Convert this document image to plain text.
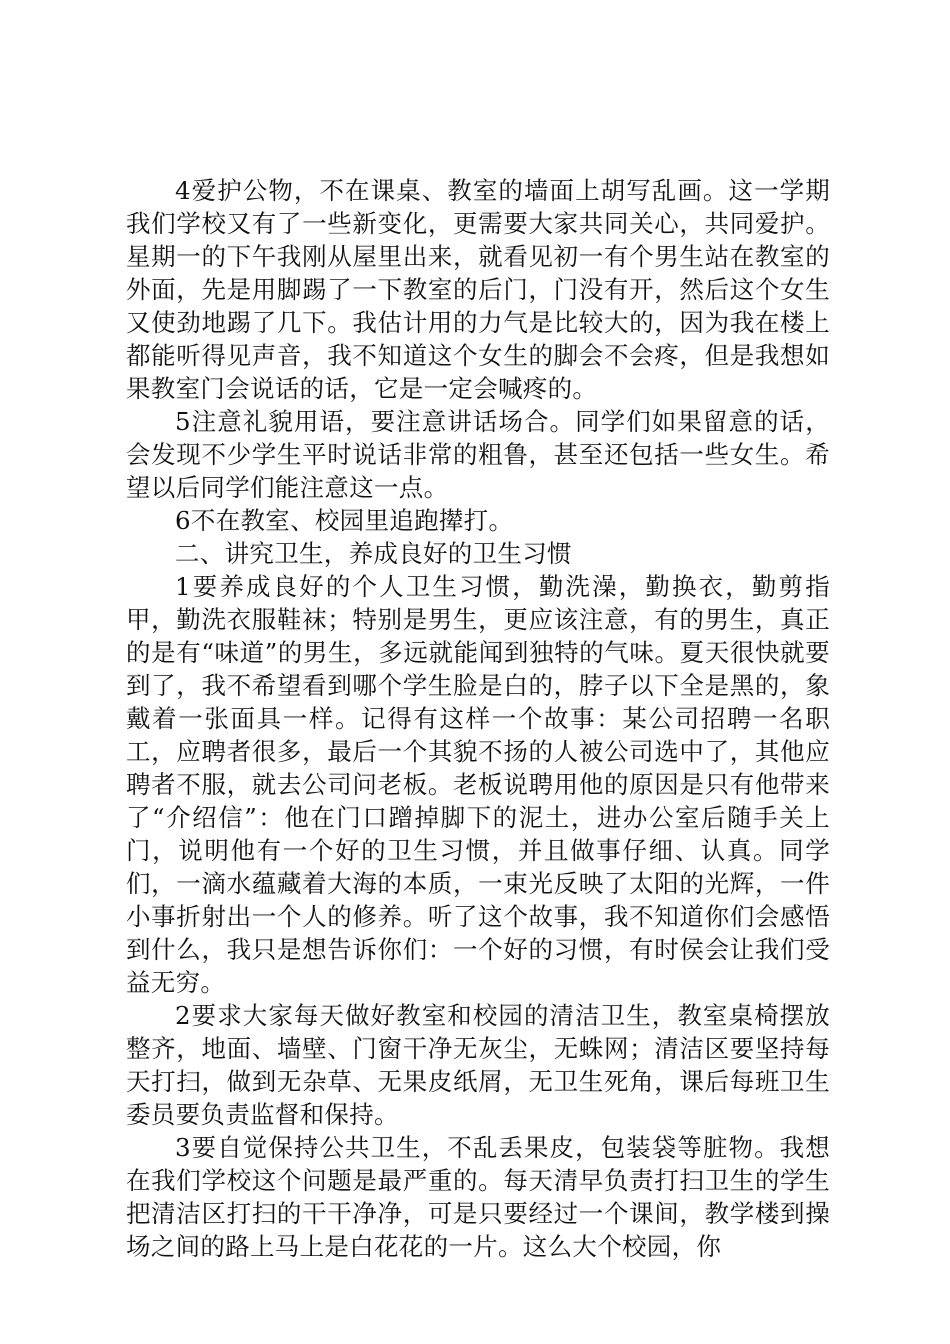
4爱护公物，不在课桌、教室的墙面上胡写乱画。这一学期我们学校又有了一些新变化，更需要大家共同关心，共同爱护。星期一的下午我刚从屋里出来，就看见初一有个男生站在教室的外面，先是用脚踢了一下教室的后门，门没有开，然后这个女生又使劲地踢了几下。我估计用的力气是比较大的，因为我在楼上都能听得见声音，我不知道这个女生的脚会不会疼，但是我想如果教室门会说话的话，它是一定会喊疼的。

5注意礼貌用语，要注意讲话场合。同学们如果留意的话，会发现不少学生平时说话非常的粗鲁，甚至还包括一些女生。希望以后同学们能注意这一点。

6不在教室、校园里追跑撵打。

二、讲究卫生，养成良好的卫生习惯

1要养成良好的个人卫生习惯，勤洗澡，勤换衣，勤剪指甲，勤洗衣服鞋袜；特别是男生，更应该注意，有的男生，真正的是有“味道”的男生，多远就能闻到独特的气味。夏天很快就要到了，我不希望看到哪个学生脸是白的，脖子以下全是黑的，象戴着一张面具一样。记得有这样一个故事：某公司招聘一名职工，应聘者很多，最后一个其貌不扬的人被公司选中了，其他应聘者不服，就去公司问老板。老板说聘用他的原因是只有他带来了“介绍信”：他在门口蹭掉脚下的泥土，进办公室后随手关上门，说明他有一个好的卫生习惯，并且做事仔细、认真。同学们，一滴水蕴藏着大海的本质，一束光反映了太阳的光辉，一件小事折射出一个人的修养。听了这个故事，我不知道你们会感悟到什么，我只是想告诉你们：一个好的习惯，有时侯会让我们受益无穷。

2要求大家每天做好教室和校园的清洁卫生，教室桌椅摆放整齐，地面、墙壁、门窗干净无灰尘，无蛛网；清洁区要坚持每天打扫，做到无杂草、无果皮纸屑，无卫生死角，课后每班卫生委员要负责监督和保持。

3要自觉保持公共卫生，不乱丢果皮，包装袋等脏物。我想在我们学校这个问题是最严重的。每天清早负责打扫卫生的学生把清洁区打扫的干干净净，可是只要经过一个课间，教学楼到操场之间的路上马上是白花花的一片。这么大个校园，你
